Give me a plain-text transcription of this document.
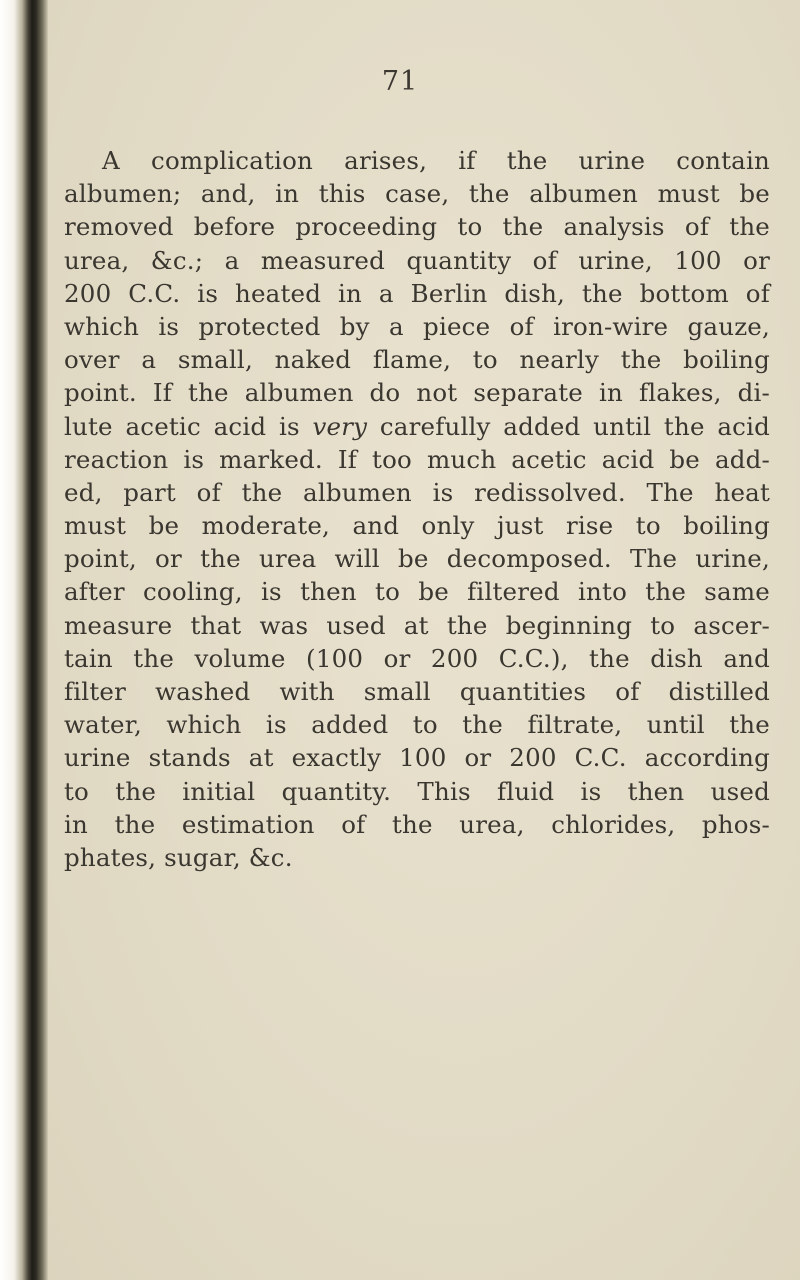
71
A complication arises, if the urine contain
albumen; and, in this case, the albumen must be
removed before proceeding to the analysis of the
urea, &c.; a measured quantity of urine, 100 or
200 C.C. is heated in a Berlin dish, the bottom of
which is protected by a piece of iron-wire gauze,
over a small, naked flame, to nearly the boiling
point. If the albumen do not separate in flakes, di-
lute acetic acid is very carefully added until the acid
reaction is marked. If too much acetic acid be add-
ed, part of the albumen is redissolved. The heat
must be moderate, and only just rise to boiling
point, or the urea will be decomposed. The urine,
after cooling, is then to be filtered into the same
measure that was used at the beginning to ascer-
tain the volume (100 or 200 C.C.), the dish and
filter washed with small quantities of distilled
water, which is added to the filtrate, until the
urine stands at exactly 100 or 200 C.C. according
to the initial quantity. This fluid is then used
in the estimation of the urea, chlorides, phos-
phates, sugar, &c.
